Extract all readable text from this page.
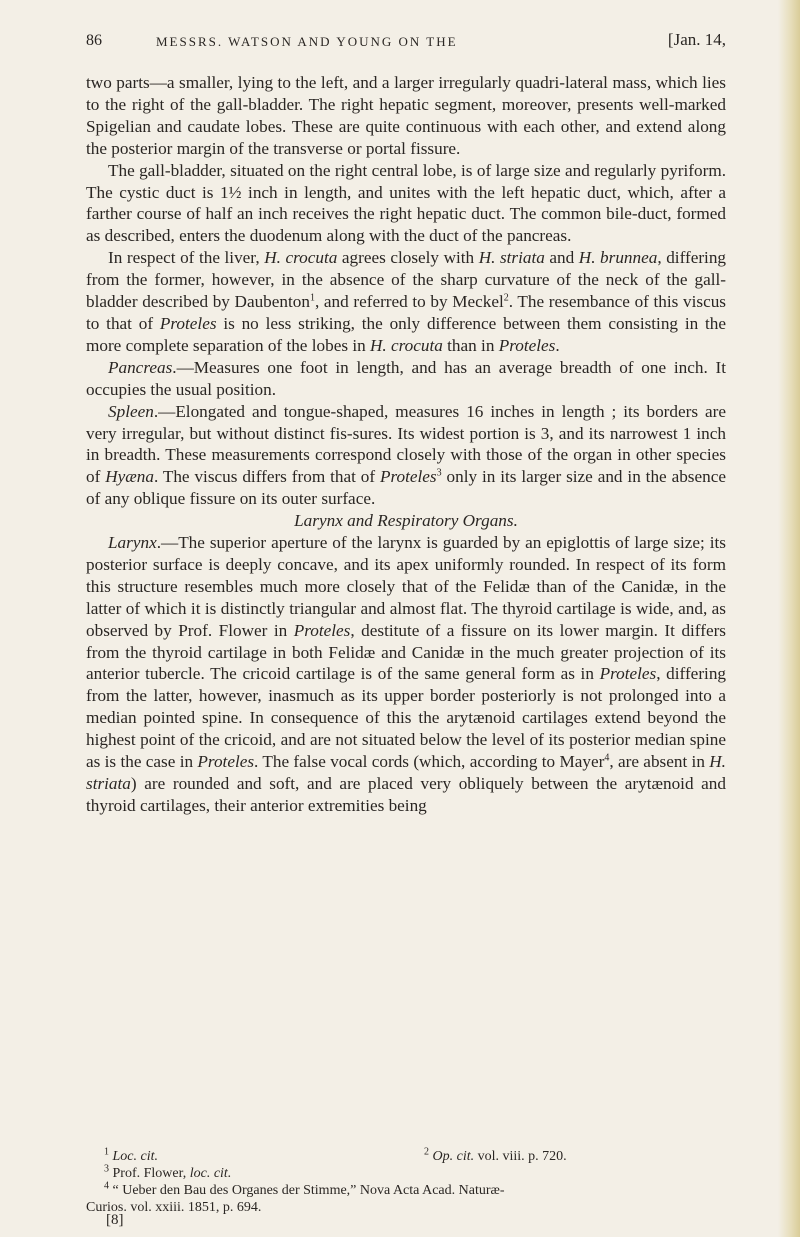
86	MESSRS. WATSON AND YOUNG ON THE	[Jan. 14,

two parts—a smaller, lying to the left, and a larger irregularly quadri-lateral mass, which lies to the right of the gall-bladder. The right hepatic segment, moreover, presents well-marked Spigelian and caudate lobes. These are quite continuous with each other, and extend along the posterior margin of the transverse or portal fissure.

The gall-bladder, situated on the right central lobe, is of large size and regularly pyriform. The cystic duct is 1½ inch in length, and unites with the left hepatic duct, which, after a farther course of half an inch receives the right hepatic duct. The common bile-duct, formed as described, enters the duodenum along with the duct of the pancreas.

In respect of the liver, H. crocuta agrees closely with H. striata and H. brunnea, differing from the former, however, in the absence of the sharp curvature of the neck of the gall-bladder described by Daubenton$^1$, and referred to by Meckel$^2$. The resembance of this viscus to that of Proteles is no less striking, the only difference between them consisting in the more complete separation of the lobes in H. crocuta than in Proteles.

Pancreas.—Measures one foot in length, and has an average breadth of one inch. It occupies the usual position.

Spleen.—Elongated and tongue-shaped, measures 16 inches in length ; its borders are very irregular, but without distinct fis-sures. Its widest portion is 3, and its narrowest 1 inch in breadth. These measurements correspond closely with those of the organ in other species of Hyæna. The viscus differs from that of Proteles$^3$ only in its larger size and in the absence of any oblique fissure on its outer surface.

Larynx and Respiratory Organs.

Larynx.—The superior aperture of the larynx is guarded by an epiglottis of large size; its posterior surface is deeply concave, and its apex uniformly rounded. In respect of its form this structure resembles much more closely that of the Felidæ than of the Canidæ, in the latter of which it is distinctly triangular and almost flat. The thyroid cartilage is wide, and, as observed by Prof. Flower in Proteles, destitute of a fissure on its lower margin. It differs from the thyroid cartilage in both Felidæ and Canidæ in the much greater projection of its anterior tubercle. The cricoid cartilage is of the same general form as in Proteles, differing from the latter, however, inasmuch as its upper border posteriorly is not prolonged into a median pointed spine. In consequence of this the arytænoid cartilages extend beyond the highest point of the cricoid, and are not situated below the level of its posterior median spine as is the case in Proteles. The false vocal cords (which, according to Mayer$^4$, are absent in H. striata) are rounded and soft, and are placed very obliquely between the arytænoid and thyroid cartilages, their anterior extremities being

$^1$ Loc. cit.	$^2$ Op. cit. vol. viii. p. 720.
$^3$ Prof. Flower, loc. cit.
$^4$ “ Ueber den Bau des Organes der Stimme,” Nova Acta Acad. Naturæ-
Curios. vol. xxiii. 1851, p. 694.
[8]
